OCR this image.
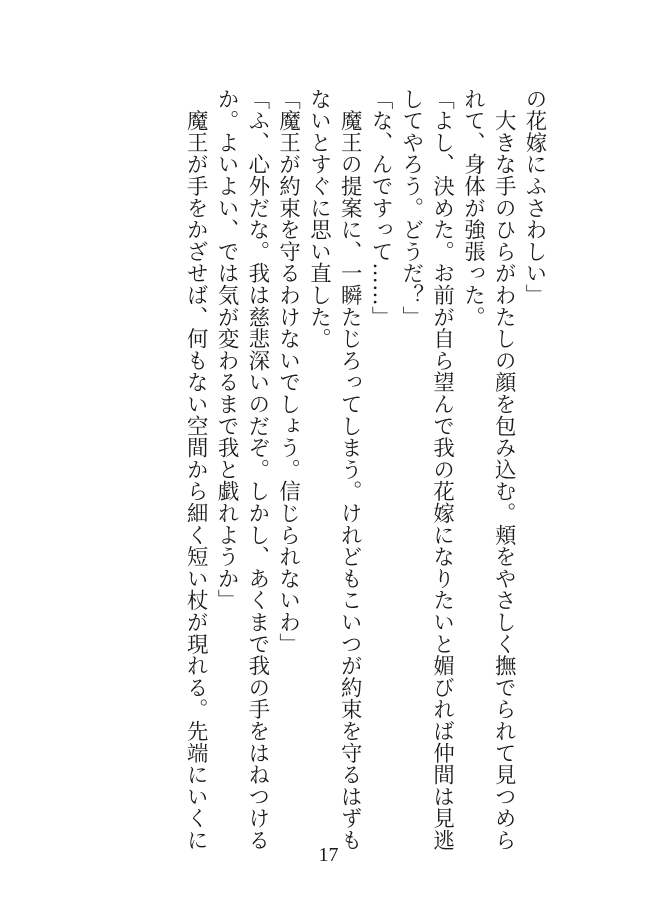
の花嫁にふさわしい」
　大きな手のひらがわたしの顔を包み込む。頬をやさしく撫でられて見つめら
れて、身体が強張った。
「よし、決めた。お前が自ら望んで我の花嫁になりたいと媚びれば仲間は見逃
してやろう。どうだ？」
「な、んですって……」
　魔王の提案に、一瞬たじろってしまう。けれどもこいつが約束を守るはずも
ないとすぐに思い直した。
「魔王が約束を守るわけないでしょう。信じられないわ」
「ふ、心外だな。我は慈悲深いのだぞ。しかし、あくまで我の手をはねつける
か。よいよい、では気が変わるまで我と戯れようか」
　魔王が手をかざせば、何もない空間から細く短い杖が現れる。先端にいくに
17
